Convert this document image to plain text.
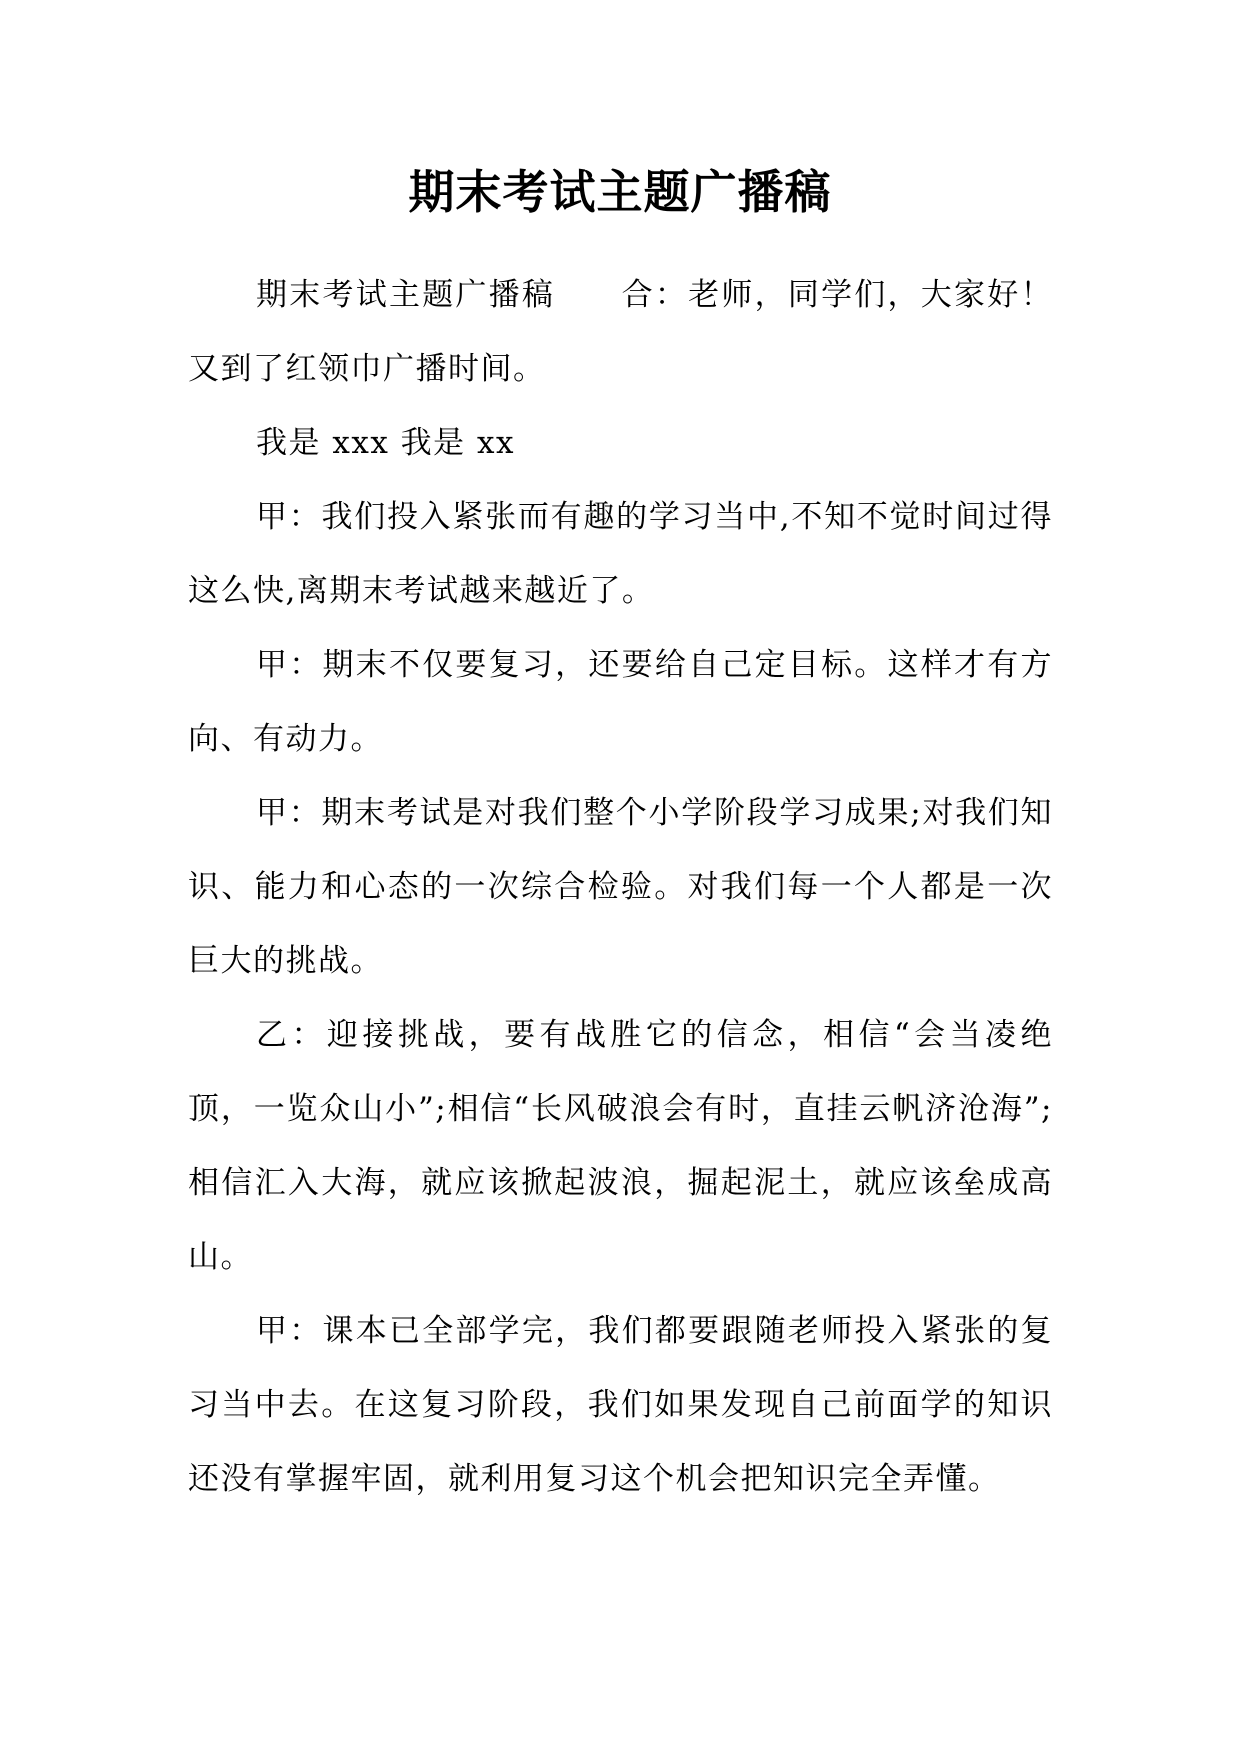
期末考试主题广播稿

期末考试主题广播稿　　合：老师，同学们，大家好！又到了红领巾广播时间。

我是 xxx 我是 xx

甲：我们投入紧张而有趣的学习当中,不知不觉时间过得这么快,离期末考试越来越近了。

甲：期末不仅要复习，还要给自己定目标。这样才有方向、有动力。

甲：期末考试是对我们整个小学阶段学习成果;对我们知识、能力和心态的一次综合检验。对我们每一个人都是一次巨大的挑战。

乙：迎接挑战，要有战胜它的信念，相信“会当凌绝顶，一览众山小”;相信“长风破浪会有时，直挂云帆济沧海”;相信汇入大海，就应该掀起波浪，掘起泥土，就应该垒成高山。

甲：课本已全部学完，我们都要跟随老师投入紧张的复习当中去。在这复习阶段，我们如果发现自己前面学的知识还没有掌握牢固，就利用复习这个机会把知识完全弄懂。
